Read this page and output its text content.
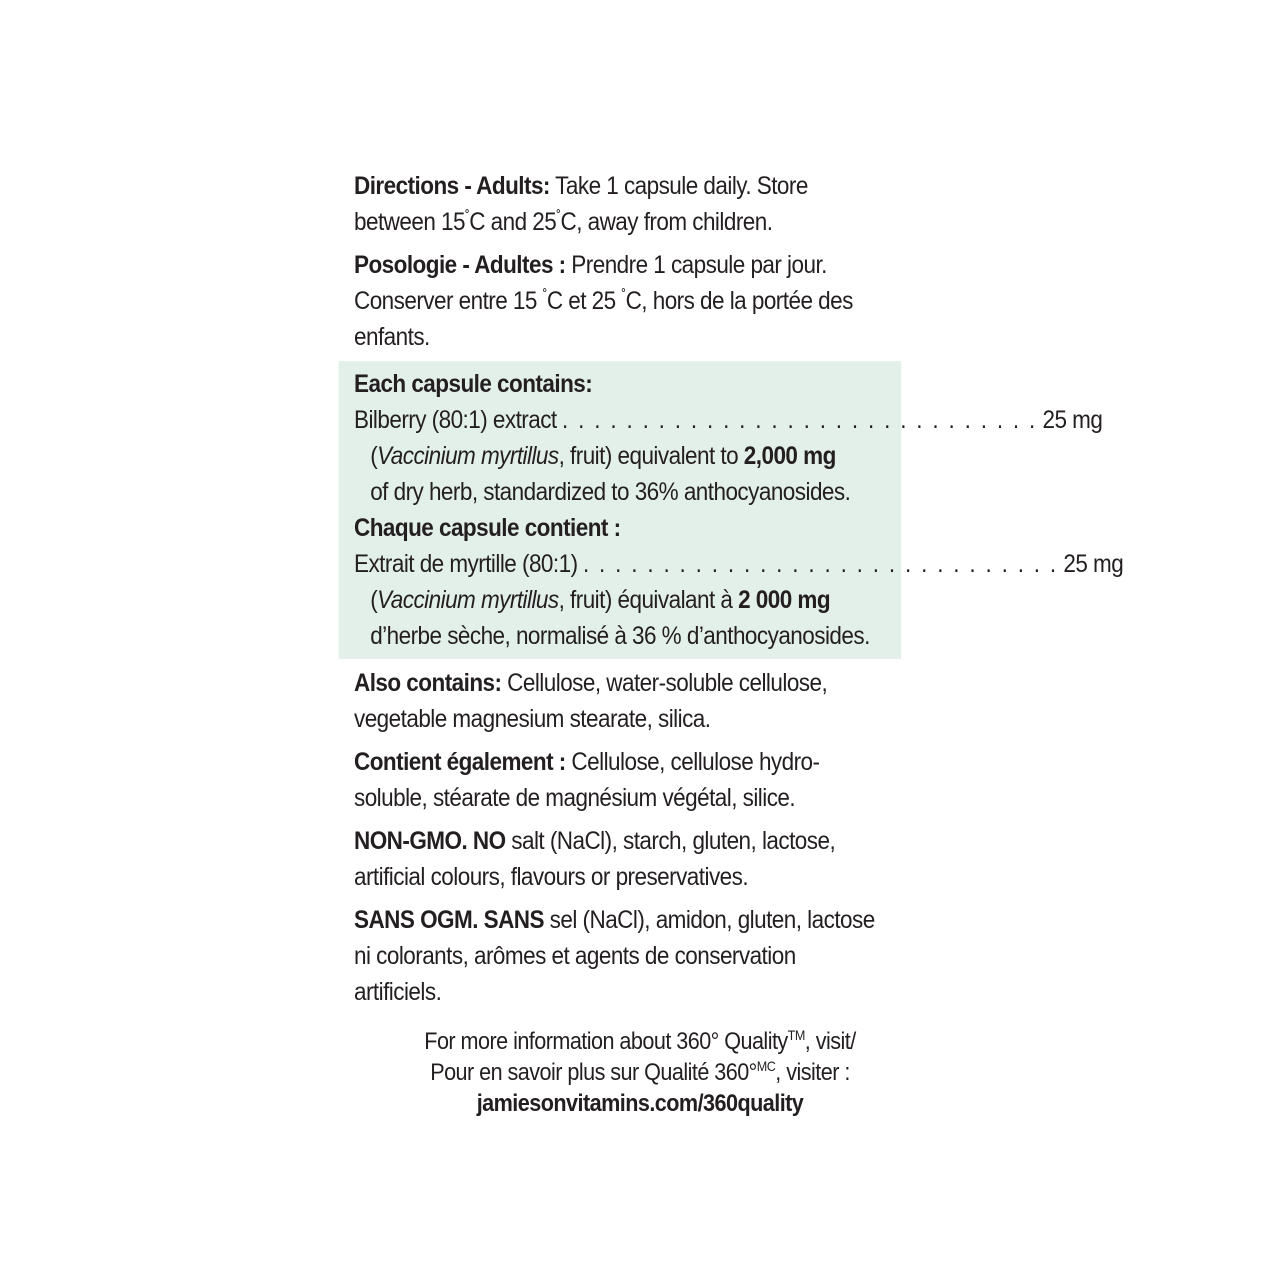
Directions - Adults: Take 1 capsule daily. Store between 15˚C and 25˚C, away from children.

Posologie - Adultes : Prendre 1 capsule par jour. Conserver entre 15 ˚C et 25 ˚C, hors de la portée des enfants.

Each capsule contains:
Bilberry (80:1) extract . . . . . . . . . . . . . . . . . . . . . . . . . . . . . . 25 mg
(Vaccinium myrtillus, fruit) equivalent to 2,000 mg
of dry herb, standardized to 36% anthocyanosides.
Chaque capsule contient :
Extrait de myrtille (80:1) . . . . . . . . . . . . . . . . . . . . . . . . . . . . . . 25 mg
(Vaccinium myrtillus, fruit) équivalant à 2 000 mg
d’herbe sèche, normalisé à 36 % d’anthocyanosides.

Also contains: Cellulose, water-soluble cellulose, vegetable magnesium stearate, silica.

Contient également : Cellulose, cellulose hydro-soluble, stéarate de magnésium végétal, silice.

NON-GMO. NO salt (NaCl), starch, gluten, lactose, artificial colours, flavours or preservatives.

SANS OGM. SANS sel (NaCl), amidon, gluten, lactose ni colorants, arômes et agents de conservation artificiels.

For more information about 360° Quality™, visit/
Pour en savoir plus sur Qualité 360°$^{MC}$, visiter :
jamiesonvitamins.com/360quality
